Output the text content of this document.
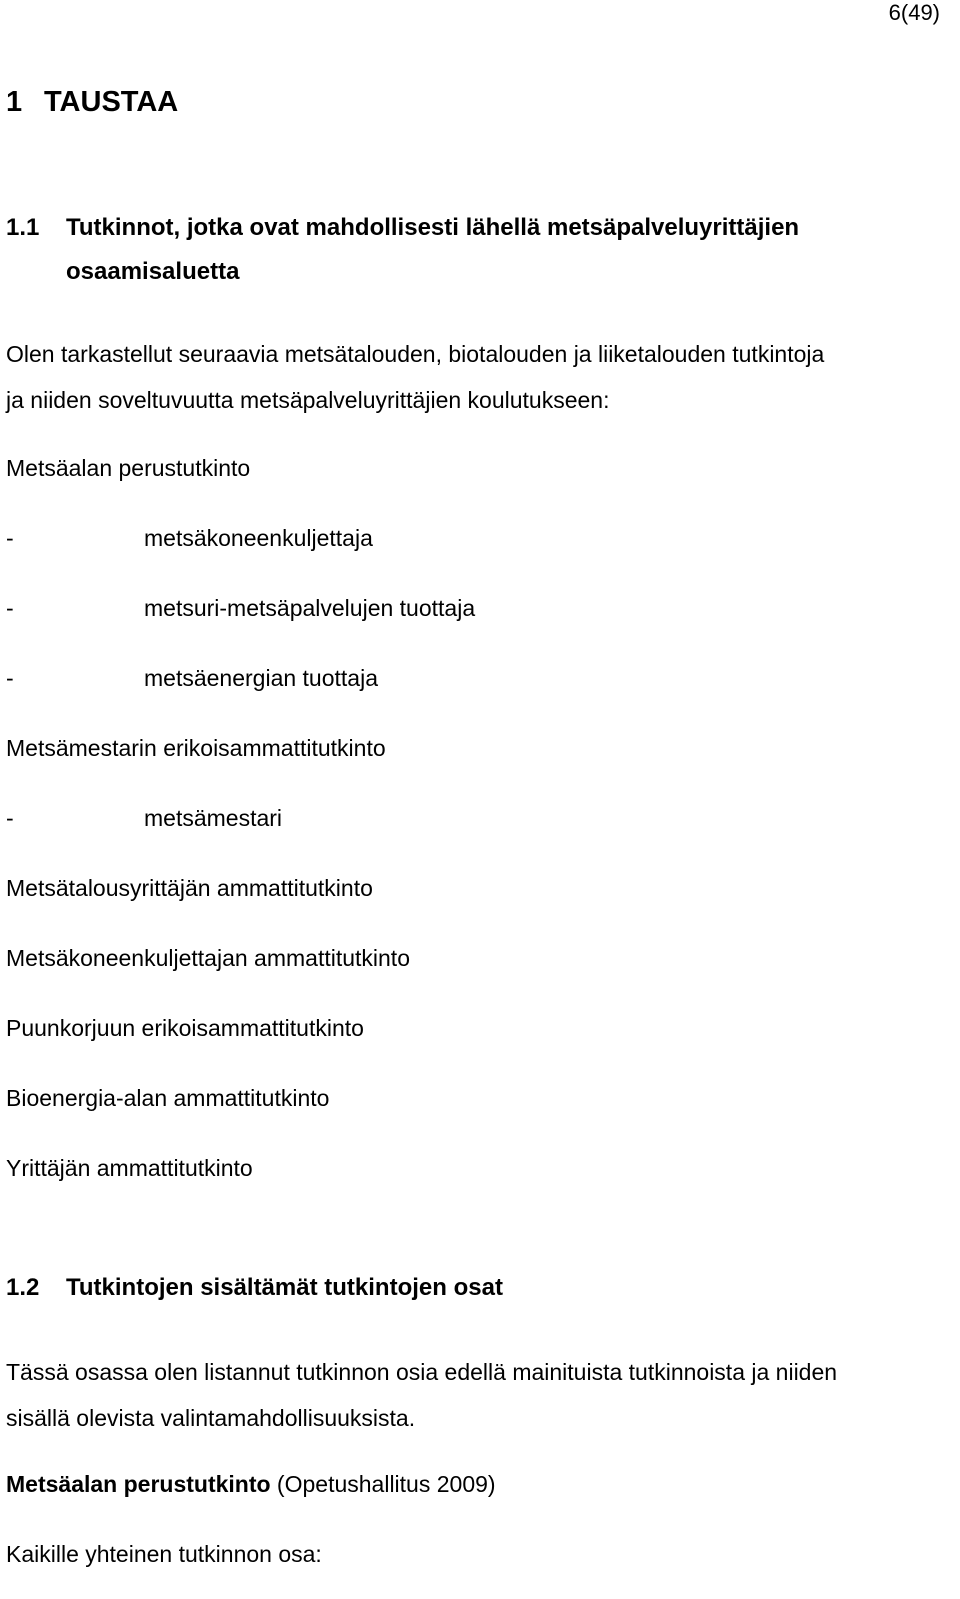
6(49)
1 TAUSTAA
1.1 Tutkinnot, jotka ovat mahdollisesti lähellä metsäpalveluyrittäjien
osaamisaluetta
Olen tarkastellut seuraavia metsätalouden, biotalouden ja liiketalouden tutkintoja
ja niiden soveltuvuutta metsäpalveluyrittäjien koulutukseen:
Metsäalan perustutkinto
-	metsäkoneenkuljettaja
-	metsuri-metsäpalvelujen tuottaja
-	metsäenergian tuottaja
Metsämestarin erikoisammattitutkinto
-	metsämestari
Metsätalousyrittäjän ammattitutkinto
Metsäkoneenkuljettajan ammattitutkinto
Puunkorjuun erikoisammattitutkinto
Bioenergia-alan ammattitutkinto
Yrittäjän ammattitutkinto
1.2 Tutkintojen sisältämät tutkintojen osat
Tässä osassa olen listannut tutkinnon osia edellä mainituista tutkinnoista ja niiden
sisällä olevista valintamahdollisuuksista.
Metsäalan perustutkinto (Opetushallitus 2009)
Kaikille yhteinen tutkinnon osa:
